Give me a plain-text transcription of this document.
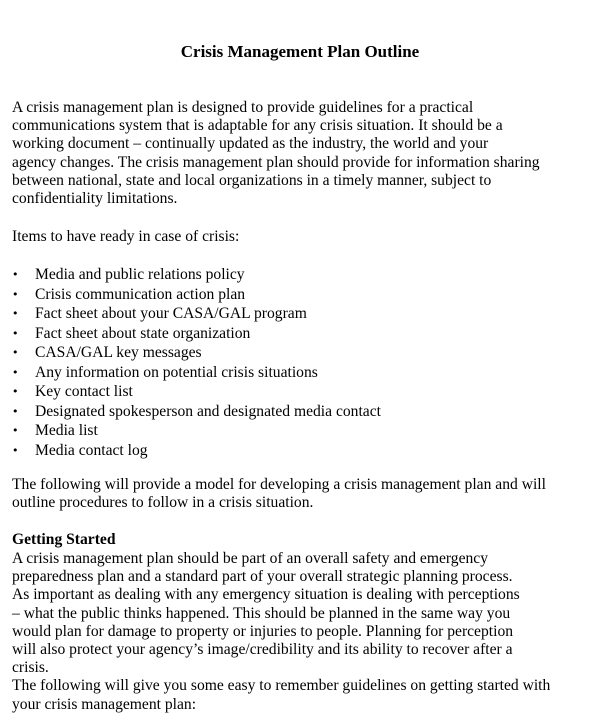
Crisis Management Plan Outline

A crisis management plan is designed to provide guidelines for a practical
communications system that is adaptable for any crisis situation. It should be a
working document – continually updated as the industry, the world and your
agency changes. The crisis management plan should provide for information sharing
between national, state and local organizations in a timely manner, subject to
confidentiality limitations.

Items to have ready in case of crisis:

• Media and public relations policy
• Crisis communication action plan
• Fact sheet about your CASA/GAL program
• Fact sheet about state organization
• CASA/GAL key messages
• Any information on potential crisis situations
• Key contact list
• Designated spokesperson and designated media contact
• Media list
• Media contact log

The following will provide a model for developing a crisis management plan and will
outline procedures to follow in a crisis situation.

Getting Started

A crisis management plan should be part of an overall safety and emergency
preparedness plan and a standard part of your overall strategic planning process.
As important as dealing with any emergency situation is dealing with perceptions
– what the public thinks happened. This should be planned in the same way you
would plan for damage to property or injuries to people. Planning for perception
will also protect your agency’s image/credibility and its ability to recover after a
crisis.
The following will give you some easy to remember guidelines on getting started with
your crisis management plan:
